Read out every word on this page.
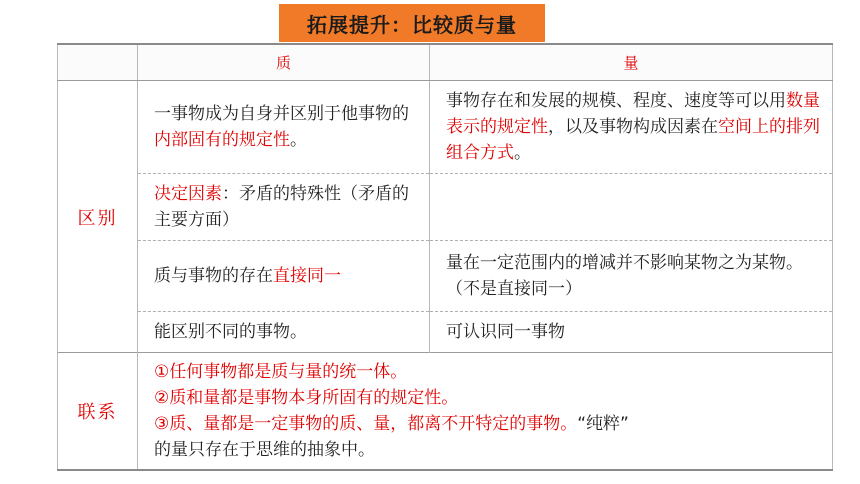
拓展提升：比较质与量
	质	量
区别	一事物成为自身并区别于他事物的内部固有的规定性。	事物存在和发展的规模、程度、速度等可以用数量表示的规定性，以及事物构成因素在空间上的排列组合方式。
	决定因素：矛盾的特殊性（矛盾的主要方面）	
	质与事物的存在直接同一	量在一定范围内的增减并不影响某物之为某物。（不是直接同一）
	能区别不同的事物。	可认识同一事物
联系	①任何事物都是质与量的统一体。
②质和量都是事物本身所固有的规定性。
③质、量都是一定事物的质、量，都离不开特定的事物。“纯粹”
的量只存在于思维的抽象中。	
